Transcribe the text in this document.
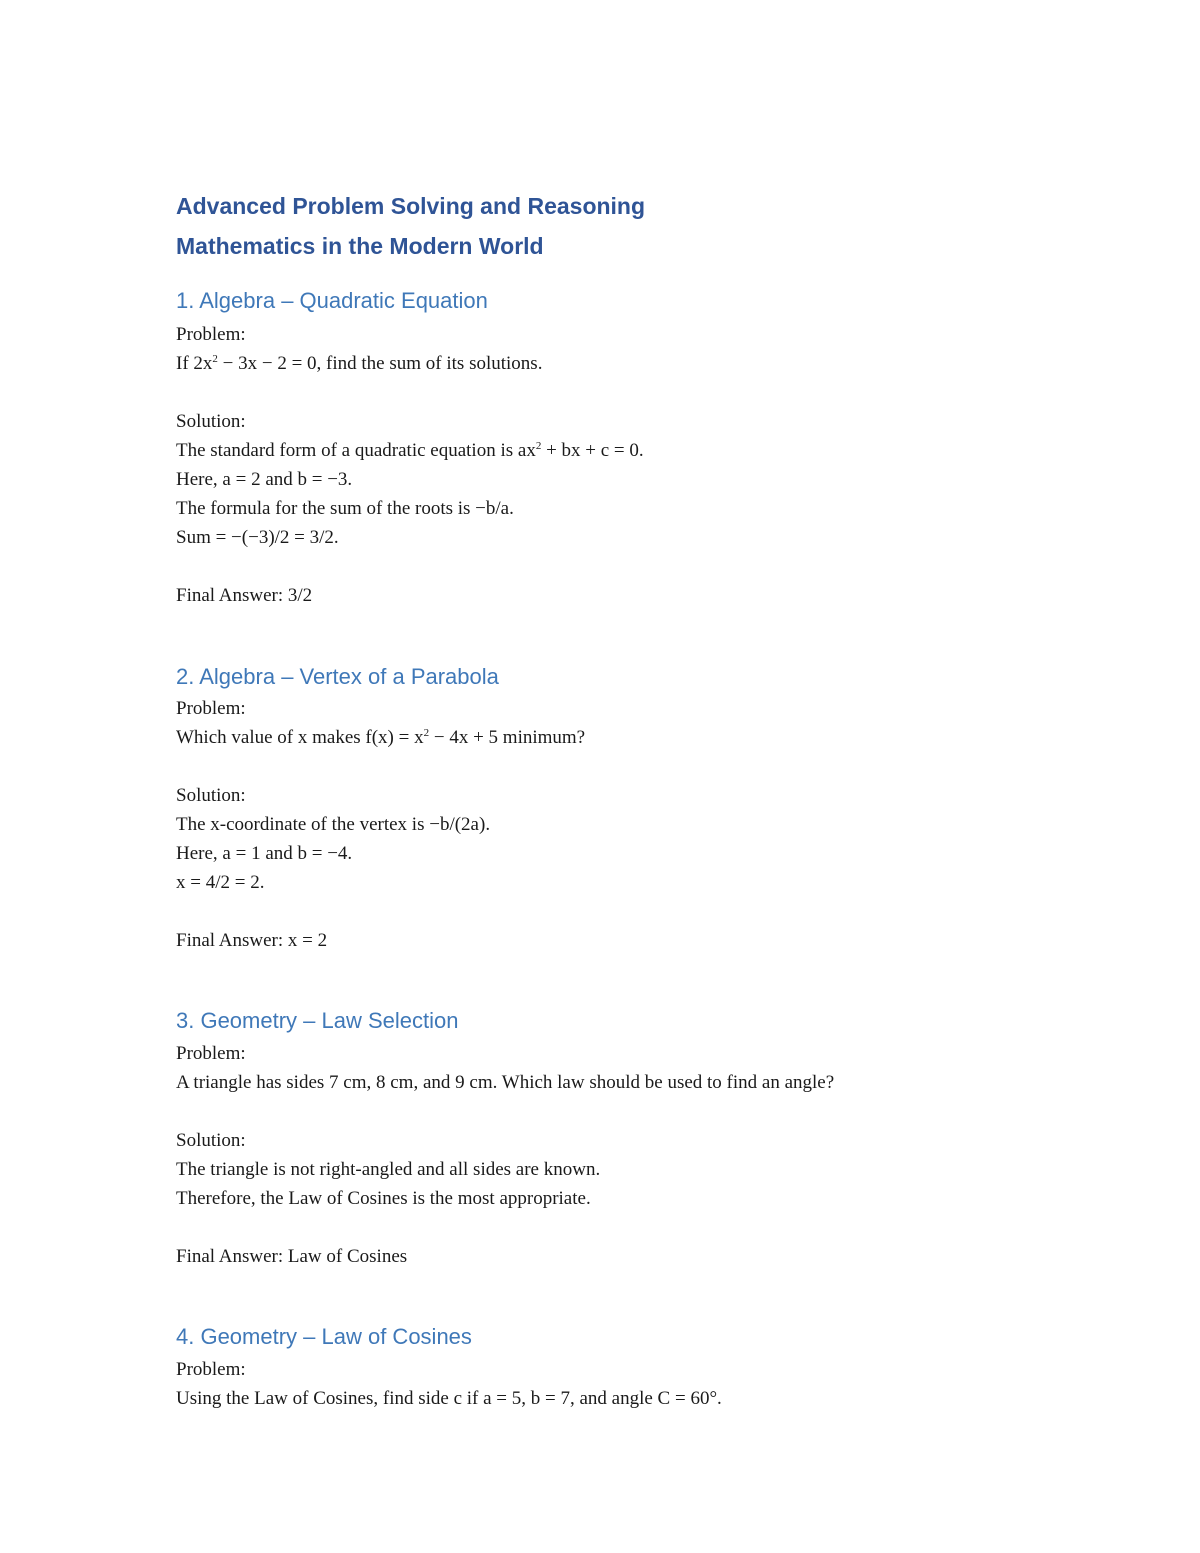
Advanced Problem Solving and Reasoning
Mathematics in the Modern World
1. Algebra – Quadratic Equation
Problem:
If $2x^2 - 3x - 2 = 0$, find the sum of its solutions.
Solution:
The standard form of a quadratic equation is $ax^2$ + bx + c = 0.
Here, a = 2 and b = −3.
The formula for the sum of the roots is −b/a.
Sum = −(−3)/2 = 3/2.
Final Answer: 3/2
2. Algebra – Vertex of a Parabola
Problem:
Which value of x makes $f(x) = x^2 - 4x + 5$ minimum?
Solution:
The x-coordinate of the vertex is −b/(2a).
Here, a = 1 and b = −4.
x = 4/2 = 2.
Final Answer: x = 2
3. Geometry – Law Selection
Problem:
A triangle has sides 7 cm, 8 cm, and 9 cm. Which law should be used to find an angle?
Solution:
The triangle is not right-angled and all sides are known.
Therefore, the Law of Cosines is the most appropriate.
Final Answer: Law of Cosines
4. Geometry – Law of Cosines
Problem:
Using the Law of Cosines, find side c if a = 5, b = 7, and angle C = 60°.
